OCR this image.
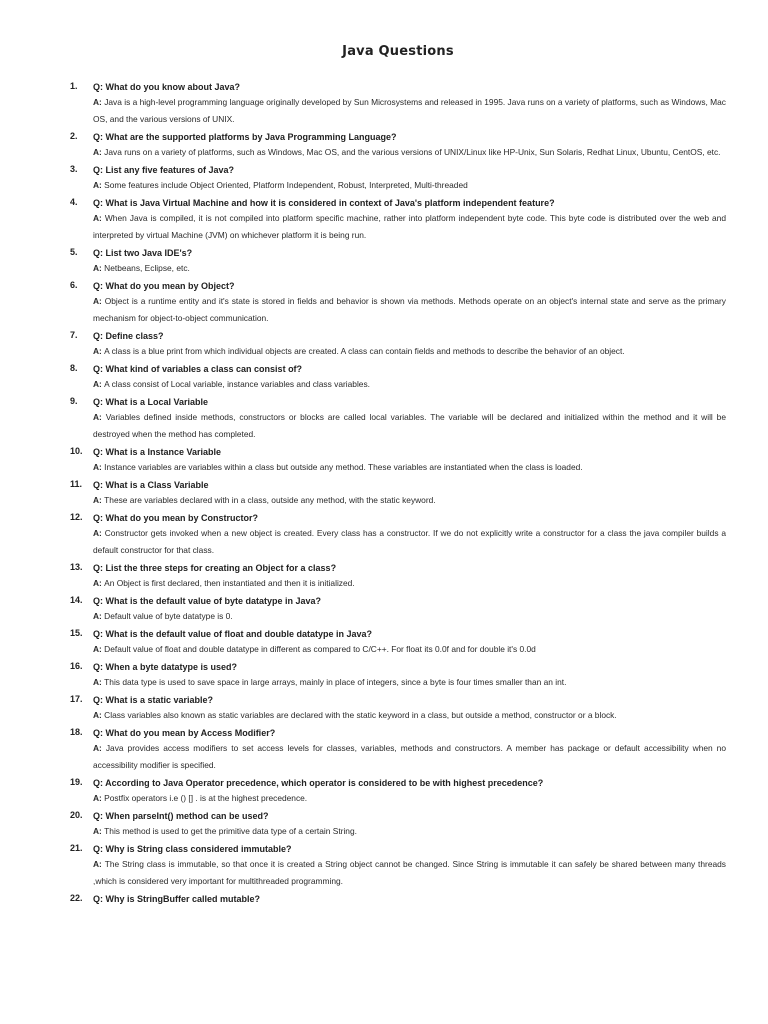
Java Questions
1.	Q: What do you know about Java?
A: Java is a high-level programming language originally developed by Sun Microsystems and released in 1995. Java runs on a variety of platforms, such as Windows, Mac OS, and the various versions of UNIX.
2.	Q: What are the supported platforms by Java Programming Language?
A: Java runs on a variety of platforms, such as Windows, Mac OS, and the various versions of UNIX/Linux like HP-Unix, Sun Solaris, Redhat Linux, Ubuntu, CentOS, etc.
3.	Q: List any five features of Java?
A: Some features include Object Oriented, Platform Independent, Robust, Interpreted, Multi-threaded
4.	Q: What is Java Virtual Machine and how it is considered in context of Java's platform independent feature?
A: When Java is compiled, it is not compiled into platform specific machine, rather into platform independent byte code. This byte code is distributed over the web and interpreted by virtual Machine (JVM) on whichever platform it is being run.
5.	Q: List two Java IDE's?
A: Netbeans, Eclipse, etc.
6.	Q: What do you mean by Object?
A: Object is a runtime entity and it's state is stored in fields and behavior is shown via methods. Methods operate on an object's internal state and serve as the primary mechanism for object-to-object communication.
7.	Q: Define class?
A: A class is a blue print from which individual objects are created. A class can contain fields and methods to describe the behavior of an object.
8.	Q: What kind of variables a class can consist of?
A: A class consist of Local variable, instance variables and class variables.
9.	Q: What is a Local Variable
A: Variables defined inside methods, constructors or blocks are called local variables. The variable will be declared and initialized within the method and it will be destroyed when the method has completed.
10.	Q: What is a Instance Variable
A: Instance variables are variables within a class but outside any method. These variables are instantiated when the class is loaded.
11.	Q: What is a Class Variable
A: These are variables declared with in a class, outside any method, with the static keyword.
12.	Q: What do you mean by Constructor?
A: Constructor gets invoked when a new object is created. Every class has a constructor. If we do not explicitly write a constructor for a class the java compiler builds a default constructor for that class.
13.	Q: List the three steps for creating an Object for a class?
A: An Object is first declared, then instantiated and then it is initialized.
14.	Q: What is the default value of byte datatype in Java?
A: Default value of byte datatype is 0.
15.	Q: What is the default value of float and double datatype in Java?
A: Default value of float and double datatype in different as compared to C/C++. For float its 0.0f and for double it's 0.0d
16.	Q: When a byte datatype is used?
A: This data type is used to save space in large arrays, mainly in place of integers, since a byte is four times smaller than an int.
17.	Q: What is a static variable?
A: Class variables also known as static variables are declared with the static keyword in a class, but outside a method, constructor or a block.
18.	Q: What do you mean by Access Modifier?
A: Java provides access modifiers to set access levels for classes, variables, methods and constructors. A member has package or default accessibility when no accessibility modifier is specified.
19.	Q: According to Java Operator precedence, which operator is considered to be with highest precedence?
A: Postfix operators i.e () [] . is at the highest precedence.
20.	Q: When parseInt() method can be used?
A: This method is used to get the primitive data type of a certain String.
21.	Q: Why is String class considered immutable?
A: The String class is immutable, so that once it is created a String object cannot be changed. Since String is immutable it can safely be shared between many threads ,which is considered very important for multithreaded programming.
22.	Q: Why is StringBuffer called mutable?
